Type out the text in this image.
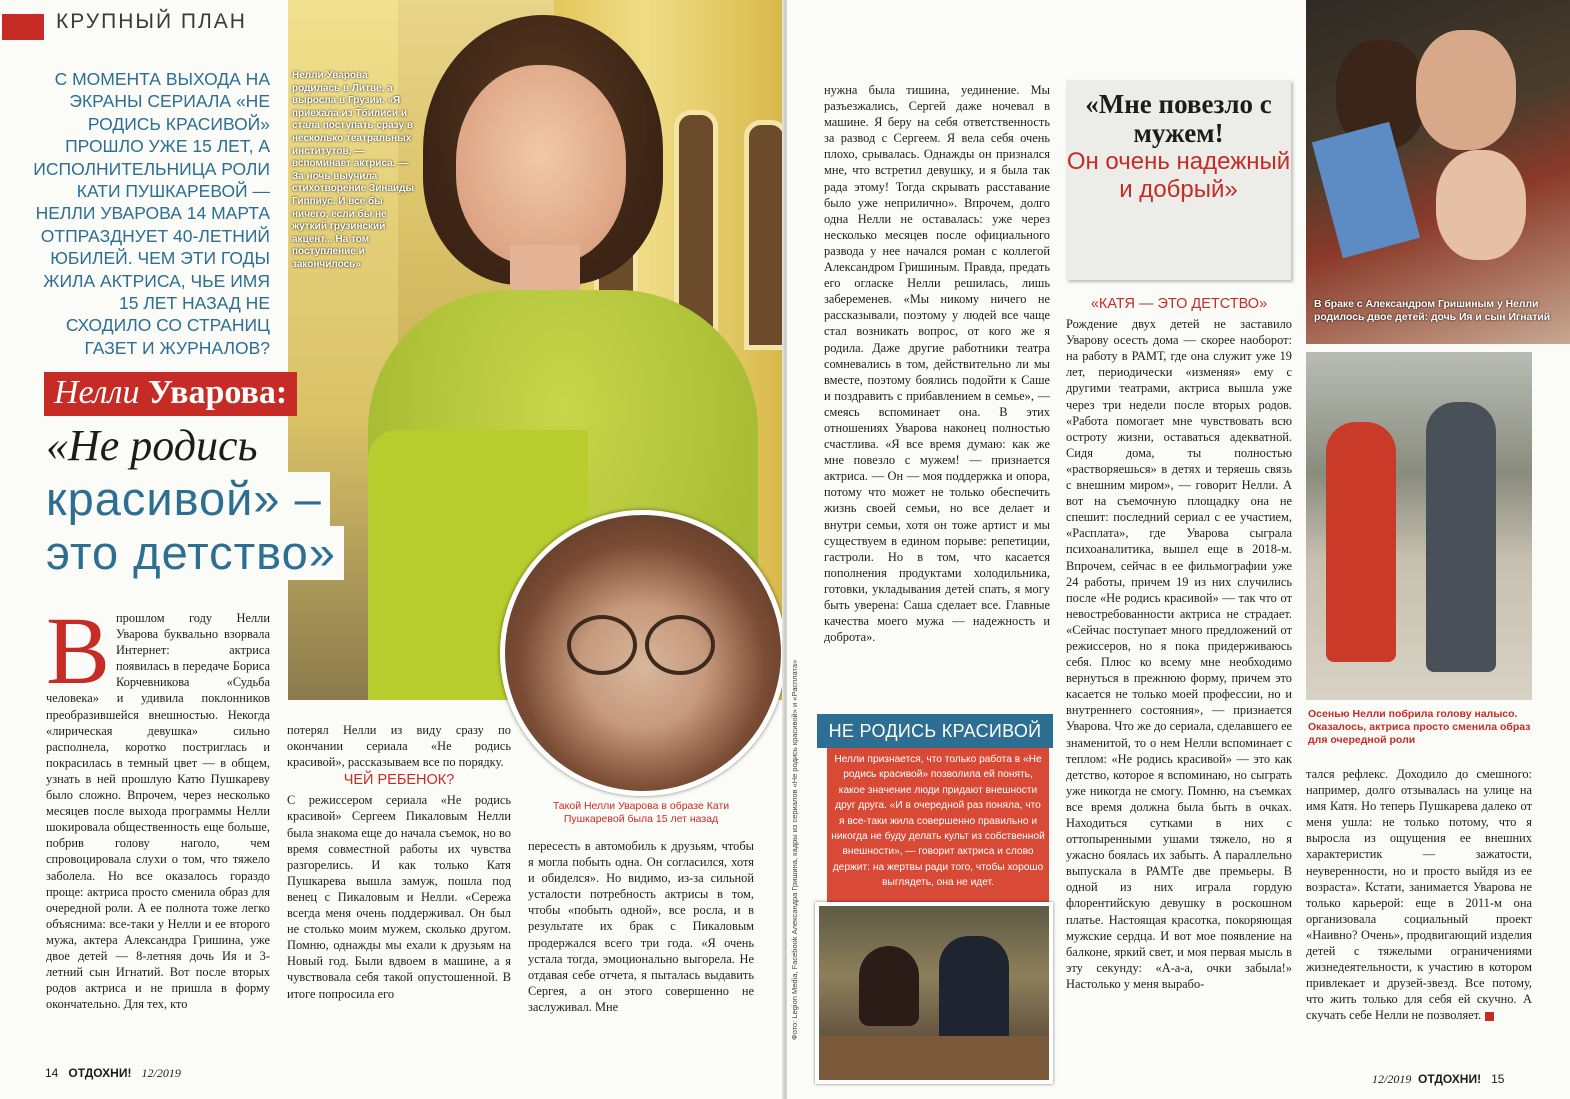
КРУПНЫЙ ПЛАН
С МОМЕНТА ВЫХОДА НА ЭКРАНЫ СЕРИАЛА «НЕ РОДИСЬ КРАСИВОЙ» ПРОШЛО УЖЕ 15 ЛЕТ, А ИСПОЛНИТЕЛЬНИЦА РОЛИ КАТИ ПУШКАРЕВОЙ — НЕЛЛИ УВАРОВА 14 МАРТА ОТПРАЗДНУЕТ 40-ЛЕТНИЙ ЮБИЛЕЙ. ЧЕМ ЭТИ ГОДЫ ЖИЛА АКТРИСА, ЧЬЕ ИМЯ 15 ЛЕТ НАЗАД НЕ СХОДИЛО СО СТРАНИЦ ГАЗЕТ И ЖУРНАЛОВ?
Нелли Уварова родилась в Литве, а выросла в Грузии. «Я приехала из Тбилиси и стала поступать сразу в несколько театральных институтов, — вспоминает актриса. — За ночь выучила стихотворение Зинаиды Гиппиус. И все бы ничего, если бы не жуткий грузинский акцент... На том поступление и закончилось»
Нелли Уварова:
«Не родись
красивой» –
это детство»
Впрошлом году Нелли Уварова буквально взорвала Интернет: актриса появилась в передаче Бориса Корчевникова «Судьба человека» и удивила поклонников преобразившейся внешностью. Некогда «лирическая девушка» сильно располнела, коротко постриглась и покрасилась в темный цвет — в общем, узнать в ней прошлую Катю Пушкареву было сложно. Впрочем, через несколько месяцев после выхода программы Нелли шокировала общественность еще больше, побрив голову наголо, чем спровоцировала слухи о том, что тяжело заболела. Но все оказалось гораздо проще: актриса просто сменила образ для очередной роли. А ее полнота тоже легко объяснима: все-таки у Нелли и ее второго мужа, актера Александра Гришина, уже двое детей — 8-летняя дочь Ия и 3-летний сын Игнатий. Вот после вторых родов актриса и не пришла в форму окончательно. Для тех, кто
потерял Нелли из виду сразу по окончании сериала «Не родись красивой», рассказываем все по порядку.
ЧЕЙ РЕБЕНОК?
С режиссером сериала «Не родись красивой» Сергеем Пикаловым Нелли была знакома еще до начала съемок, но во время совместной работы их чувства разгорелись. И как только Катя Пушкарева вышла замуж, пошла под венец с Пикаловым и Нелли. «Сережа всегда меня очень поддерживал. Он был не столько моим мужем, сколько другом. Помню, однажды мы ехали к друзьям на Новый год. Были вдвоем в машине, а я чувствовала себя такой опустошенной. В итоге попросила его
Такой Нелли Уварова в образе Кати Пушкаревой была 15 лет назад
пересесть в автомобиль к друзьям, чтобы я могла побыть одна. Он согласился, хотя и обиделся». Но видимо, из-за сильной усталости потребность актрисы в том, чтобы «побыть одной», все росла, и в результате их брак с Пикаловым продержался всего три года. «Я очень устала тогда, эмоционально выгорела. Не отдавая себе отчета, я пыталась выдавить Сергея, а он этого совершенно не заслуживал. Мне
14 ОТДОХНИ! 12/2019
нужна была тишина, уединение. Мы разъезжались, Сергей даже ночевал в машине. Я беру на себя ответственность за развод с Сергеем. Я вела себя очень плохо, срывалась. Однажды он признался мне, что встретил девушку, и я была так рада этому! Тогда скрывать расставание было уже неприлично». Впрочем, долго одна Нелли не оставалась: уже через несколько месяцев после официального развода у нее начался роман с коллегой Александром Гришиным. Правда, предать его огласке Нелли решилась, лишь забеременев. «Мы никому ничего не рассказывали, поэтому у людей все чаще стал возникать вопрос, от кого же я родила. Даже другие работники театра сомневались в том, действительно ли мы вместе, поэтому боялись подойти к Саше и поздравить с прибавлением в семье», — смеясь вспоминает она. В этих отношениях Уварова наконец полностью счастлива. «Я все время думаю: как же мне повезло с мужем! — признается актриса. — Он — моя поддержка и опора, потому что может не только обеспечить жизнь своей семьи, но все делает и внутри семьи, хотя он тоже артист и мы существуем в едином порыве: репетиции, гастроли. Но в том, что касается пополнения продуктами холодильника, готовки, укладывания детей спать, я могу быть уверена: Саша сделает все. Главные качества моего мужа — надежность и доброта».
«Мне повезло с мужем!
Он очень надежный и добрый»
«КАТЯ — ЭТО ДЕТСТВО»
Рождение двух детей не заставило Уварову осесть дома — скорее наоборот: на работу в РАМТ, где она служит уже 19 лет, периодически «изменяя» ему с другими театрами, актриса вышла уже через три недели после вторых родов. «Работа помогает мне чувствовать всю остроту жизни, оставаться адекватной. Сидя дома, ты полностью «растворяешься» в детях и теряешь связь с внешним миром», — говорит Нелли. А вот на съемочную площадку она не спешит: последний сериал с ее участием, «Расплата», где Уварова сыграла психоаналитика, вышел еще в 2018-м. Впрочем, сейчас в ее фильмографии уже 24 работы, причем 19 из них случились после «Не родись красивой» — так что от невостребованности актриса не страдает. «Сейчас поступает много предложений от режиссеров, но я пока придерживаюсь себя. Плюс ко всему мне необходимо вернуться в прежнюю форму, причем это касается не только моей профессии, но и внутреннего состояния», — признается Уварова. Что же до сериала, сделавшего ее знаменитой, то о нем Нелли вспоминает с теплом: «Не родись красивой» — это как детство, которое я вспоминаю, но сыграть уже никогда не смогу. Помню, на съемках все время должна была быть в очках. Находиться сутками в них с оттопыренными ушами тяжело, но я ужасно боялась их забыть. А параллельно выпускала в РАМТе две премьеры. В одной из них играла гордую флорентийскую девушку в роскошном платье. Настоящая красотка, покоряющая мужские сердца. И вот мое появление на балконе, яркий свет, и моя первая мысль в эту секунду: «А-а-а, очки забыла!» Настолько у меня вырабо-
Фото: Legion Media, Facebook Александра Гришина, кадры из сериалов «Не родись красивой» и «Расплата»	НЕ РОДИСЬ КРАСИВОЙ
Нелли признается, что только работа в «Не родись красивой» позволила ей понять, какое значение люди придают внешности друг друга. «И в очередной раз поняла, что я все-таки жила совершенно правильно и никогда не буду делать культ из собственной внешности», — говорит актриса и слово держит: на жертвы ради того, чтобы хорошо выглядеть, она не идет.
В браке с Александром Гришиным у Нелли родилось двое детей: дочь Ия и сын Игнатий
Осенью Нелли побрила голову налысо. Оказалось, актриса просто сменила образ для очередной роли
тался рефлекс. Доходило до смешного: например, долго отзывалась на улице на имя Катя. Но теперь Пушкарева далеко от меня ушла: не только потому, что я выросла из ощущения ее внешних характеристик — зажатости, неуверенности, но и просто выйдя из ее возраста». Кстати, занимается Уварова не только карьерой: еще в 2011-м она организовала социальный проект «Наивно? Очень», продвигающий изделия детей с тяжелыми ограничениями жизнедеятельности, к участию в котором привлекает и друзей-звезд. Все потому, что жить только для себя ей скучно. А скучать себе Нелли не позволяет.
12/2019 ОТДОХНИ! 15
